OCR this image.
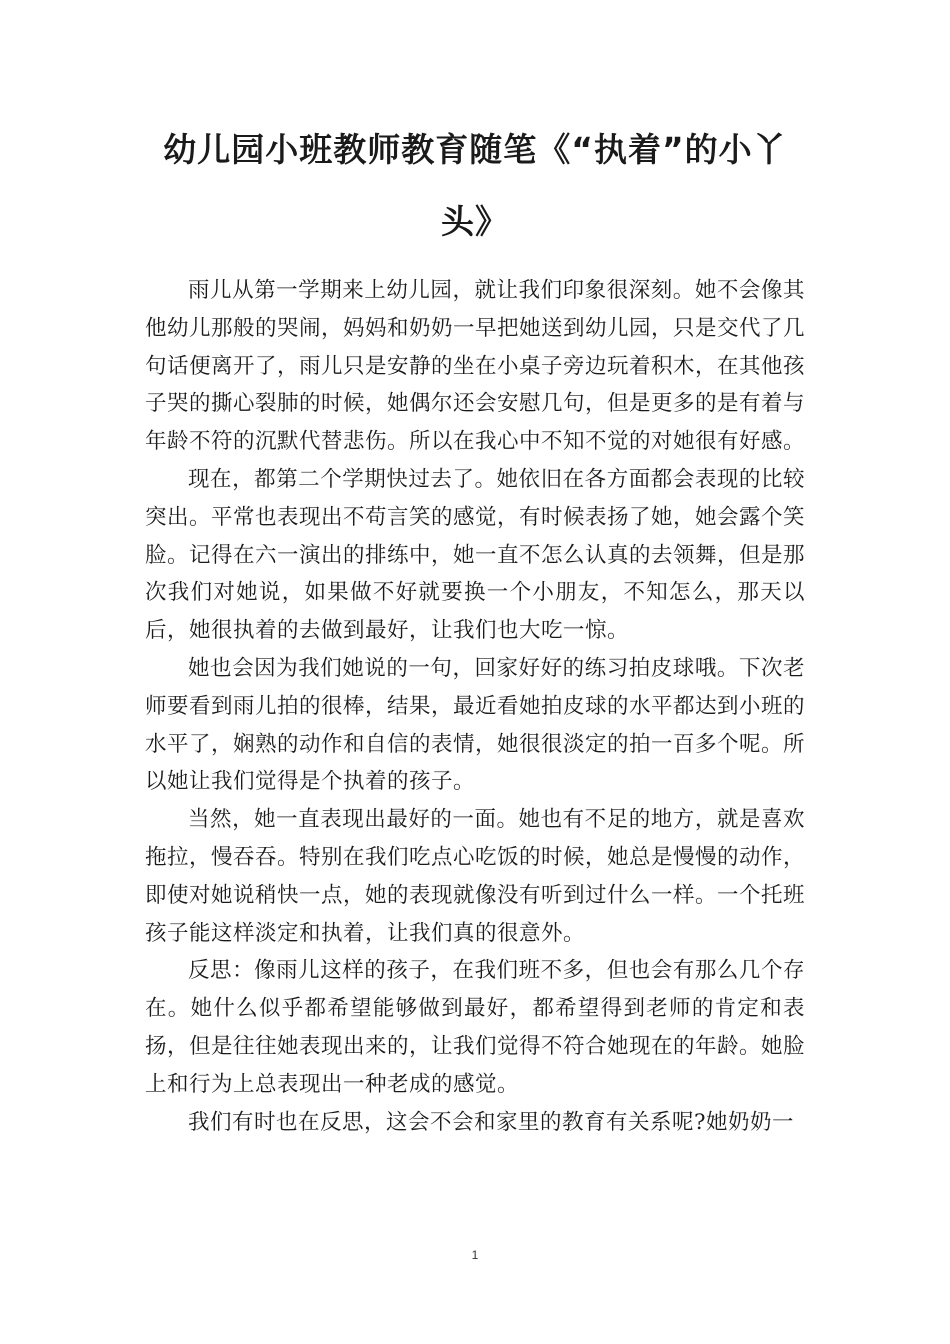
幼儿园小班教师教育随笔《“执着”的小丫
头》

雨儿从第一学期来上幼儿园，就让我们印象很深刻。她不会像其他幼儿那般的哭闹，妈妈和奶奶一早把她送到幼儿园，只是交代了几句话便离开了，雨儿只是安静的坐在小桌子旁边玩着积木，在其他孩子哭的撕心裂肺的时候，她偶尔还会安慰几句，但是更多的是有着与年龄不符的沉默代替悲伤。所以在我心中不知不觉的对她很有好感。

现在，都第二个学期快过去了。她依旧在各方面都会表现的比较突出。平常也表现出不苟言笑的感觉，有时候表扬了她，她会露个笑脸。记得在六一演出的排练中，她一直不怎么认真的去领舞，但是那次我们对她说，如果做不好就要换一个小朋友，不知怎么，那天以后，她很执着的去做到最好，让我们也大吃一惊。

她也会因为我们她说的一句，回家好好的练习拍皮球哦。下次老师要看到雨儿拍的很棒，结果，最近看她拍皮球的水平都达到小班的水平了，娴熟的动作和自信的表情，她很很淡定的拍一百多个呢。所以她让我们觉得是个执着的孩子。

当然，她一直表现出最好的一面。她也有不足的地方，就是喜欢拖拉，慢吞吞。特别在我们吃点心吃饭的时候，她总是慢慢的动作，即使对她说稍快一点，她的表现就像没有听到过什么一样。一个托班孩子能这样淡定和执着，让我们真的很意外。

反思：像雨儿这样的孩子，在我们班不多，但也会有那么几个存在。她什么似乎都希望能够做到最好，都希望得到老师的肯定和表扬，但是往往她表现出来的，让我们觉得不符合她现在的年龄。她脸上和行为上总表现出一种老成的感觉。

我们有时也在反思，这会不会和家里的教育有关系呢?她奶奶一

1
